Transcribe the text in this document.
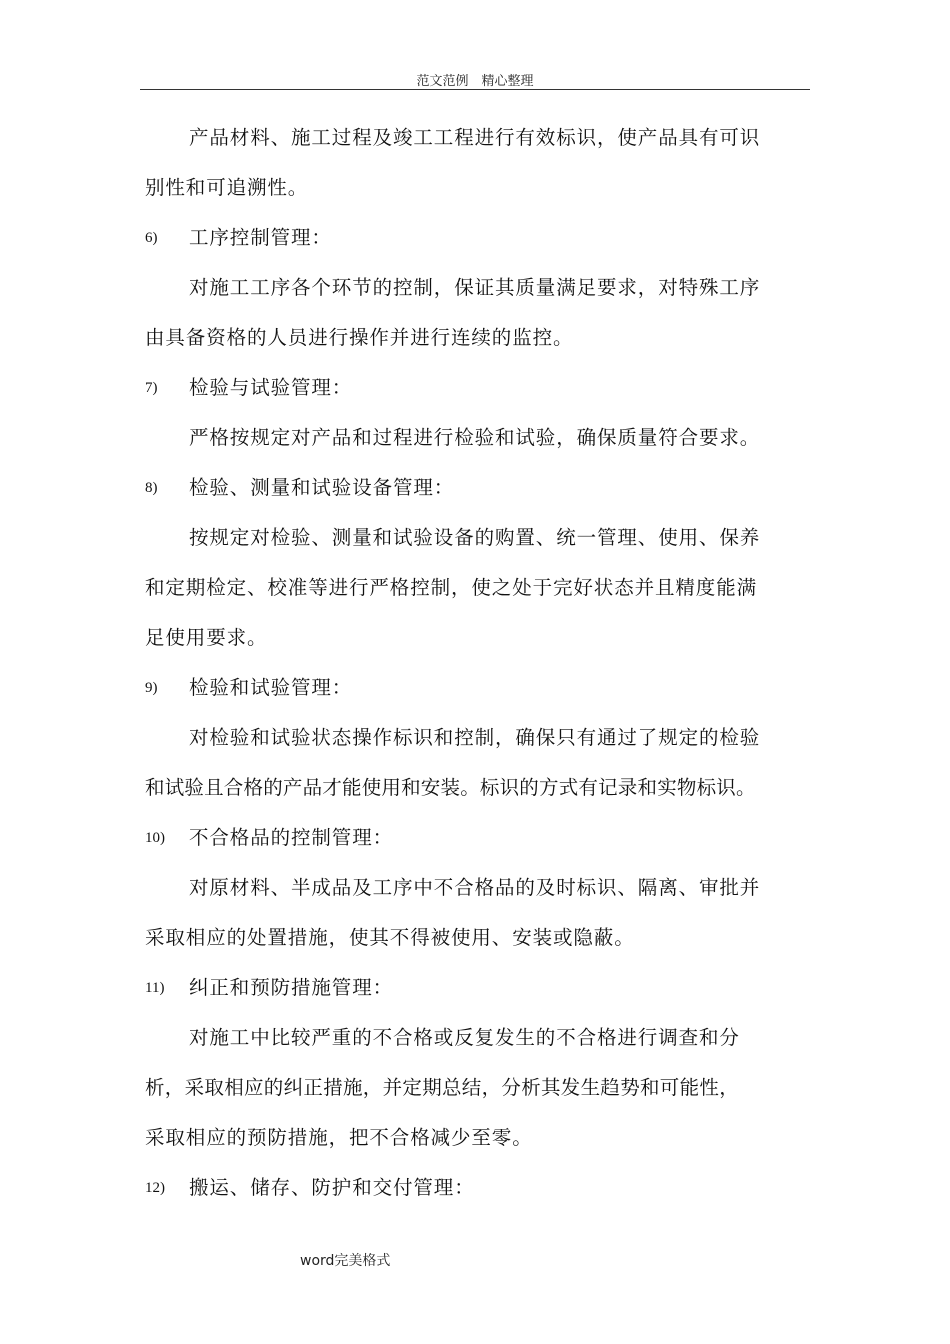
范文范例　精心整理
产品材料、施工过程及竣工工程进行有效标识，使产品具有可识
别性和可追溯性。
6) 工序控制管理：
对施工工序各个环节的控制，保证其质量满足要求，对特殊工序
由具备资格的人员进行操作并进行连续的监控。
7) 检验与试验管理：
严格按规定对产品和过程进行检验和试验，确保质量符合要求。
8) 检验、测量和试验设备管理：
按规定对检验、测量和试验设备的购置、统一管理、使用、保养
和定期检定、校准等进行严格控制，使之处于完好状态并且精度能满
足使用要求。
9) 检验和试验管理：
对检验和试验状态操作标识和控制，确保只有通过了规定的检验
和试验且合格的产品才能使用和安装。标识的方式有记录和实物标识。
10) 不合格品的控制管理：
对原材料、半成品及工序中不合格品的及时标识、隔离、审批并
采取相应的处置措施，使其不得被使用、安装或隐蔽。
11) 纠正和预防措施管理：
对施工中比较严重的不合格或反复发生的不合格进行调查和分
析，采取相应的纠正措施，并定期总结，分析其发生趋势和可能性，
采取相应的预防措施，把不合格减少至零。
12) 搬运、储存、防护和交付管理：
word完美格式
